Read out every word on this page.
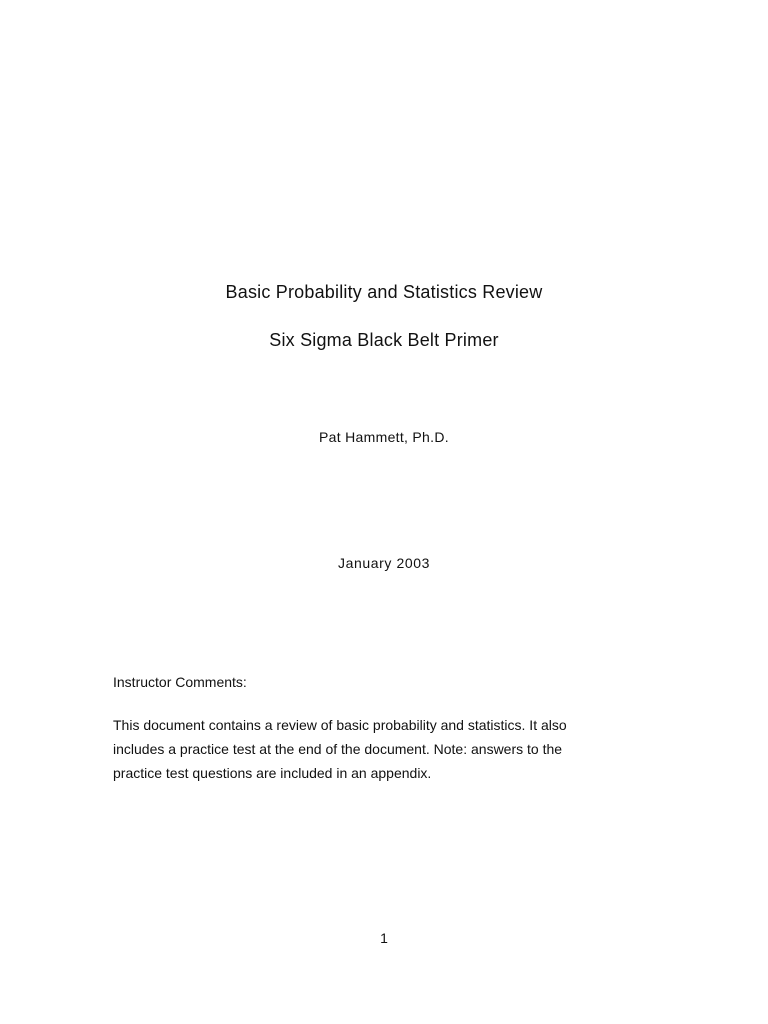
Basic Probability and Statistics Review
Six Sigma Black Belt Primer
Pat Hammett, Ph.D.
January 2003
Instructor Comments:
This document contains a review of basic probability and statistics. It also
includes a practice test at the end of the document. Note: answers to the
practice test questions are included in an appendix.
1
